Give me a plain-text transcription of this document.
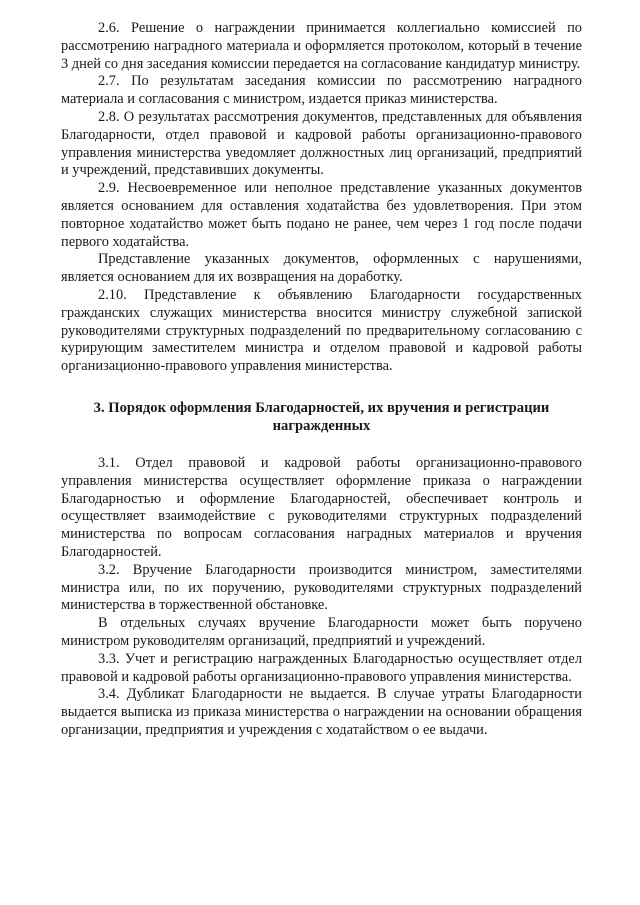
2.6. Решение о награждении принимается коллегиально комиссией по рассмотрению наградного материала и оформляется протоколом, который в течение 3 дней со дня заседания комиссии передается на согласование кандидатур министру.

2.7. По результатам заседания комиссии по рассмотрению наградного материала и согласования с министром, издается приказ министерства.

2.8. О результатах рассмотрения документов, представленных для объявления Благодарности, отдел правовой и кадровой работы организационно-правового управления министерства уведомляет должностных лиц организаций, предприятий и учреждений, представивших документы.

2.9. Несвоевременное или неполное представление указанных документов является основанием для оставления ходатайства без удовлетворения. При этом повторное ходатайство может быть подано не ранее, чем через 1 год после подачи первого ходатайства.

Представление указанных документов, оформленных с нарушениями, является основанием для их возвращения на доработку.

2.10. Представление к объявлению Благодарности государственных гражданских служащих министерства вносится министру служебной запиской руководителями структурных подразделений по предварительному согласованию с курирующим заместителем министра и отделом правовой и кадровой работы организационно-правового управления министерства.

3. Порядок оформления Благодарностей, их вручения и регистрации награжденных

3.1. Отдел правовой и кадровой работы организационно-правового управления министерства осуществляет оформление приказа о награждении Благодарностью и оформление Благодарностей, обеспечивает контроль и осуществляет взаимодействие с руководителями структурных подразделений министерства по вопросам согласования наградных материалов и вручения Благодарностей.

3.2. Вручение Благодарности производится министром, заместителями министра или, по их поручению, руководителями структурных подразделений министерства в торжественной обстановке.

В отдельных случаях вручение Благодарности может быть поручено министром руководителям организаций, предприятий и учреждений.

3.3. Учет и регистрацию награжденных Благодарностью осуществляет отдел правовой и кадровой работы организационно-правового управления министерства.

3.4. Дубликат Благодарности не выдается. В случае утраты Благодарности выдается выписка из приказа министерства о награждении на основании обращения организации, предприятия и учреждения с ходатайством о ее выдачи.
